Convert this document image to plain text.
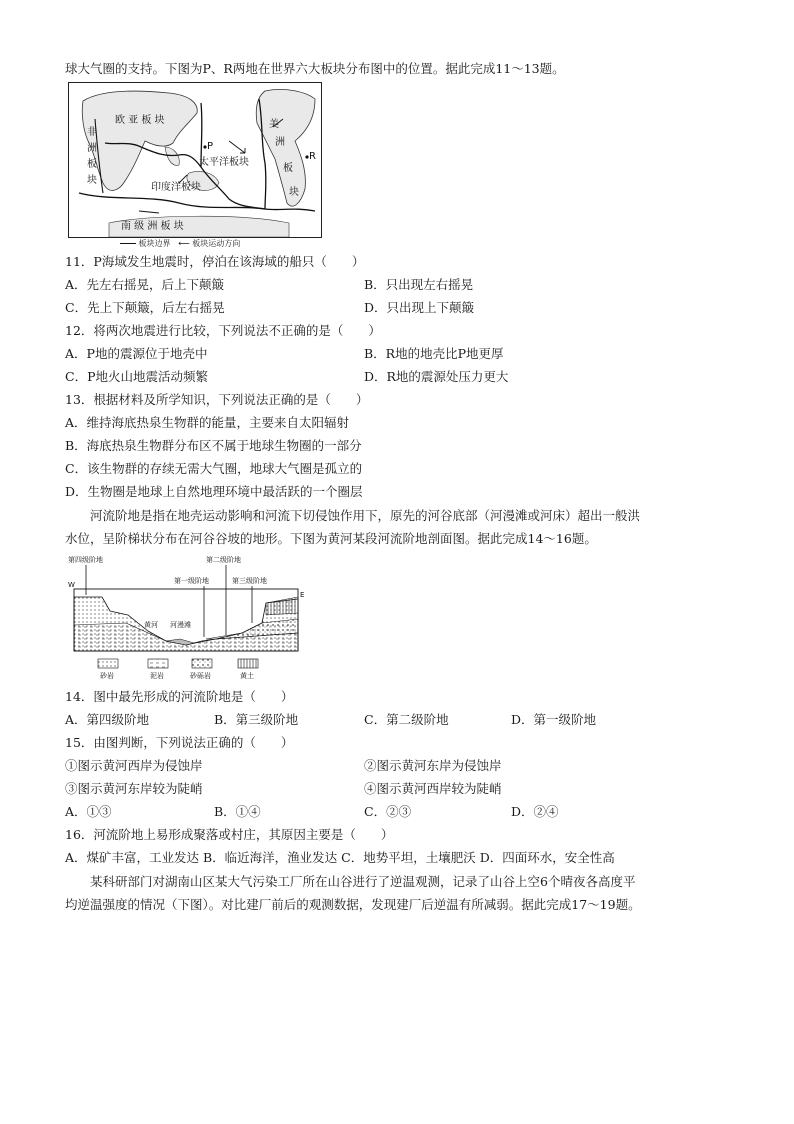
球大气圈的支持。下图为P、R两地在世界六大板块分布图中的位置。据此完成11～13题。
欧 亚 板 块
非
洲
板
块
太平洋板块
印度洋板块
南 级 洲 板 块
美
洲
板
块
P
R
板块边界 ⟵ 板块运动方向
11．P海域发生地震时，停泊在该海域的船只（　　）
A．先左右摇晃，后上下颠簸	B．只出现左右摇晃
C．先上下颠簸，后左右摇晃	D．只出现上下颠簸
12．将两次地震进行比较，下列说法不正确的是（　　）
A．P地的震源位于地壳中	B．R地的地壳比P地更厚
C．P地火山地震活动频繁	D．R地的震源处压力更大
13．根据材料及所学知识，下列说法正确的是（　　）
A．维持海底热泉生物群的能量，主要来自太阳辐射
B．海底热泉生物群分布区不属于地球生物圈的一部分
C．该生物群的存续无需大气圈，地球大气圈是孤立的
D．生物圈是地球上自然地理环境中最活跃的一个圈层
河流阶地是指在地壳运动影响和河流下切侵蚀作用下，原先的河谷底部（河漫滩或河床）超出一般洪
水位，呈阶梯状分布在河谷谷坡的地形。下图为黄河某段河流阶地剖面图。据此完成14～16题。
第四级阶地	第二级阶地
第一级阶地	第三级阶地
W
E
黄河 河漫滩
砂岩	泥岩	砂砾岩	黄土
14．图中最先形成的河流阶地是（　　）
A．第四级阶地	B．第三级阶地	C．第二级阶地	D．第一级阶地
15．由图判断，下列说法正确的（　　）
①图示黄河西岸为侵蚀岸	②图示黄河东岸为侵蚀岸
③图示黄河东岸较为陡峭	④图示黄河西岸较为陡峭
A．①③	B．①④	C．②③	D．②④
16．河流阶地上易形成聚落或村庄，其原因主要是（　　）
A．煤矿丰富，工业发达 B．临近海洋，渔业发达 C．地势平坦，土壤肥沃 D．四面环水，安全性高
某科研部门对湖南山区某大气污染工厂所在山谷进行了逆温观测，记录了山谷上空6个晴夜各高度平
均逆温强度的情况（下图）。对比建厂前后的观测数据，发现建厂后逆温有所减弱。据此完成17～19题。
